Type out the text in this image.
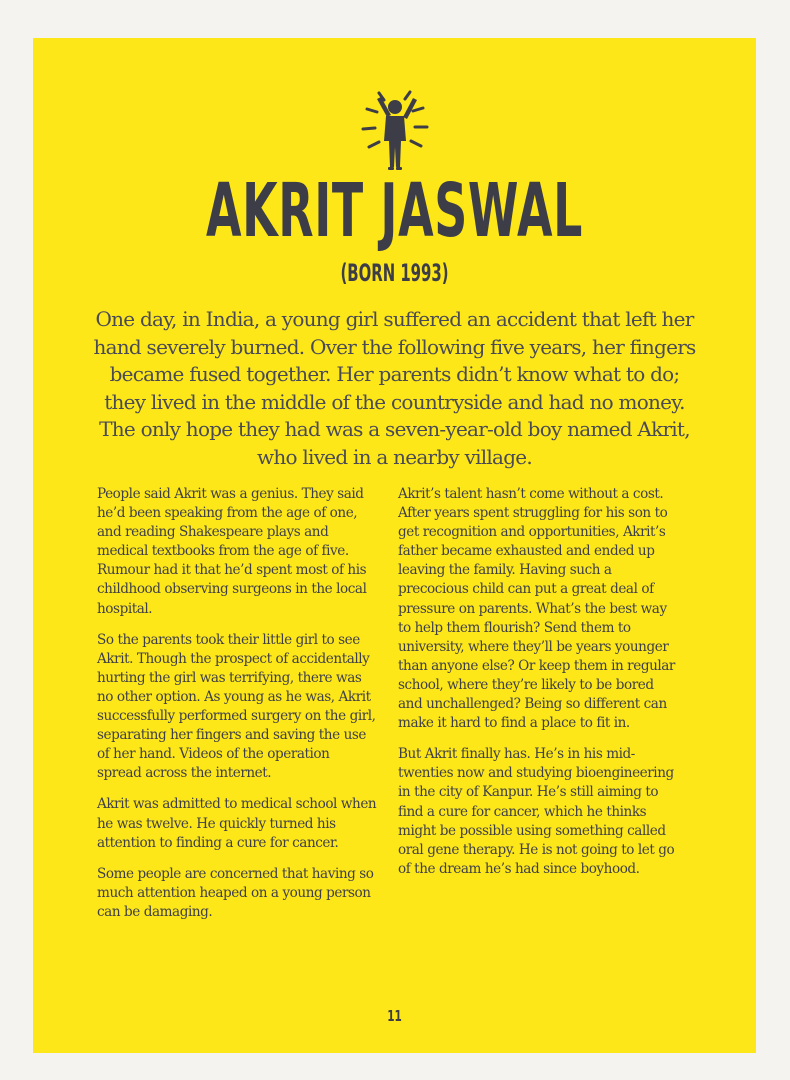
AKRIT JASWAL
(BORN 1993)

One day, in India, a young girl suffered an accident that left her hand severely burned. Over the following five years, her fingers became fused together. Her parents didn’t know what to do; they lived in the middle of the countryside and had no money. The only hope they had was a seven-year-old boy named Akrit, who lived in a nearby village.

People said Akrit was a genius. They said he’d been speaking from the age of one, and reading Shakespeare plays and medical textbooks from the age of five. Rumour had it that he’d spent most of his childhood observing surgeons in the local hospital.

So the parents took their little girl to see Akrit. Though the prospect of accidentally hurting the girl was terrifying, there was no other option. As young as he was, Akrit successfully performed surgery on the girl, separating her fingers and saving the use of her hand. Videos of the operation spread across the internet.

Akrit was admitted to medical school when he was twelve. He quickly turned his attention to finding a cure for cancer.

Some people are concerned that having so much attention heaped on a young person can be damaging.

Akrit’s talent hasn’t come without a cost. After years spent struggling for his son to get recognition and opportunities, Akrit’s father became exhausted and ended up leaving the family. Having such a precocious child can put a great deal of pressure on parents. What’s the best way to help them flourish? Send them to university, where they’ll be years younger than anyone else? Or keep them in regular school, where they’re likely to be bored and unchallenged? Being so different can make it hard to find a place to fit in.

But Akrit finally has. He’s in his mid-twenties now and studying bioengineering in the city of Kanpur. He’s still aiming to find a cure for cancer, which he thinks might be possible using something called oral gene therapy. He is not going to let go of the dream he’s had since boyhood.

11
